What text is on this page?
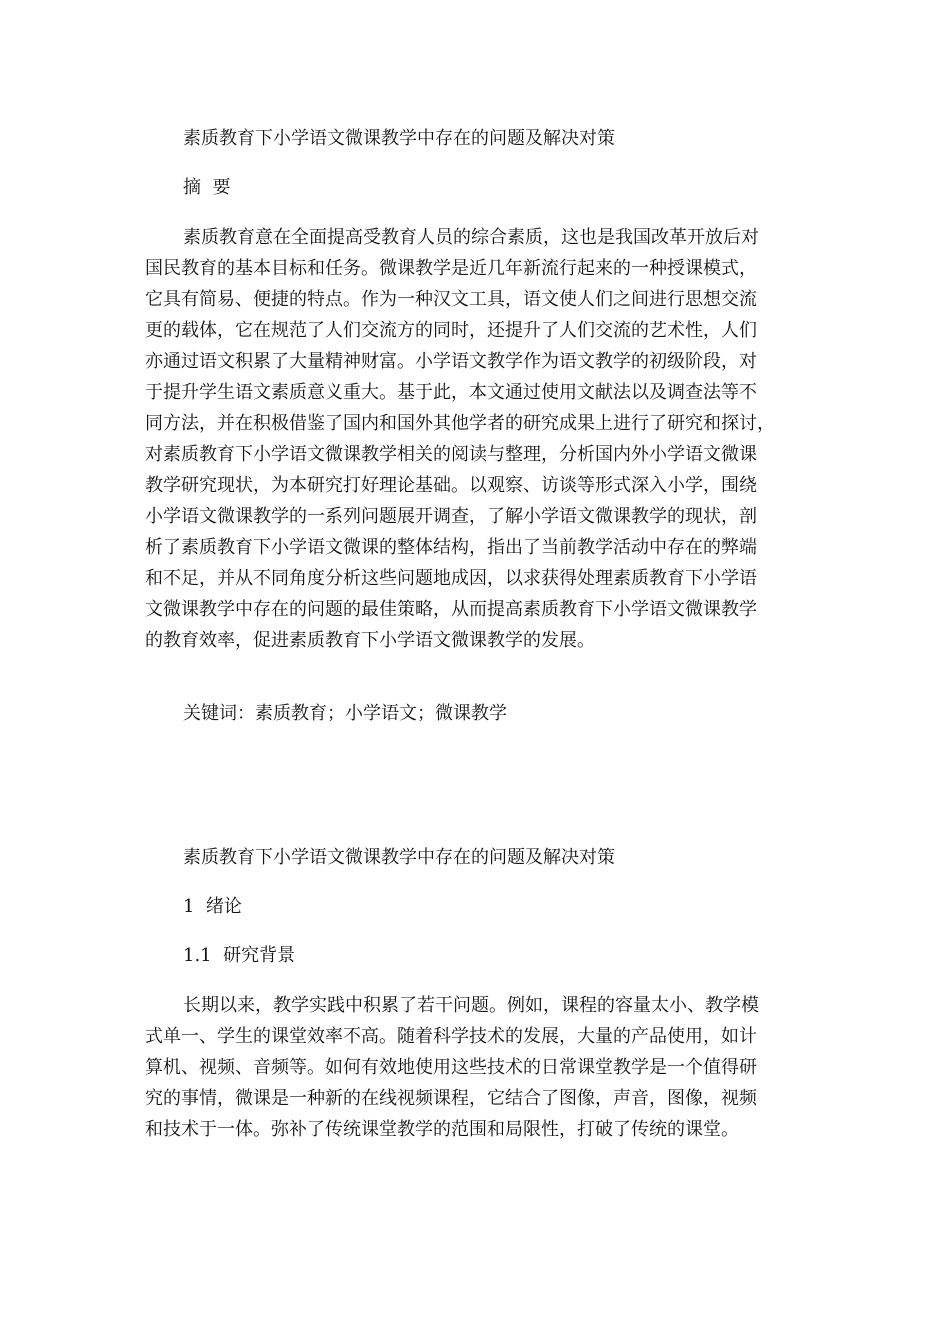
素质教育下小学语文微课教学中存在的问题及解决对策

摘  要

素质教育意在全面提高受教育人员的综合素质，这也是我国改革开放后对
国民教育的基本目标和任务。微课教学是近几年新流行起来的一种授课模式，
它具有简易、便捷的特点。作为一种汉文工具，语文使人们之间进行思想交流
更的载体，它在规范了人们交流方的同时，还提升了人们交流的艺术性，人们
亦通过语文积累了大量精神财富。小学语文教学作为语文教学的初级阶段，对
于提升学生语文素质意义重大。基于此，本文通过使用文献法以及调查法等不
同方法，并在积极借鉴了国内和国外其他学者的研究成果上进行了研究和探讨，
对素质教育下小学语文微课教学相关的阅读与整理，分析国内外小学语文微课
教学研究现状，为本研究打好理论基础。以观察、访谈等形式深入小学，围绕
小学语文微课教学的一系列问题展开调查，了解小学语文微课教学的现状，剖
析了素质教育下小学语文微课的整体结构，指出了当前教学活动中存在的弊端
和不足，并从不同角度分析这些问题地成因，以求获得处理素质教育下小学语
文微课教学中存在的问题的最佳策略，从而提高素质教育下小学语文微课教学
的教育效率，促进素质教育下小学语文微课教学的发展。

关键词：素质教育；小学语文；微课教学

素质教育下小学语文微课教学中存在的问题及解决对策

1  绪论

1.1  研究背景

长期以来，教学实践中积累了若干问题。例如，课程的容量太小、教学模
式单一、学生的课堂效率不高。随着科学技术的发展，大量的产品使用，如计
算机、视频、音频等。如何有效地使用这些技术的日常课堂教学是一个值得研
究的事情，微课是一种新的在线视频课程，它结合了图像，声音，图像，视频
和技术于一体。弥补了传统课堂教学的范围和局限性，打破了传统的课堂。
